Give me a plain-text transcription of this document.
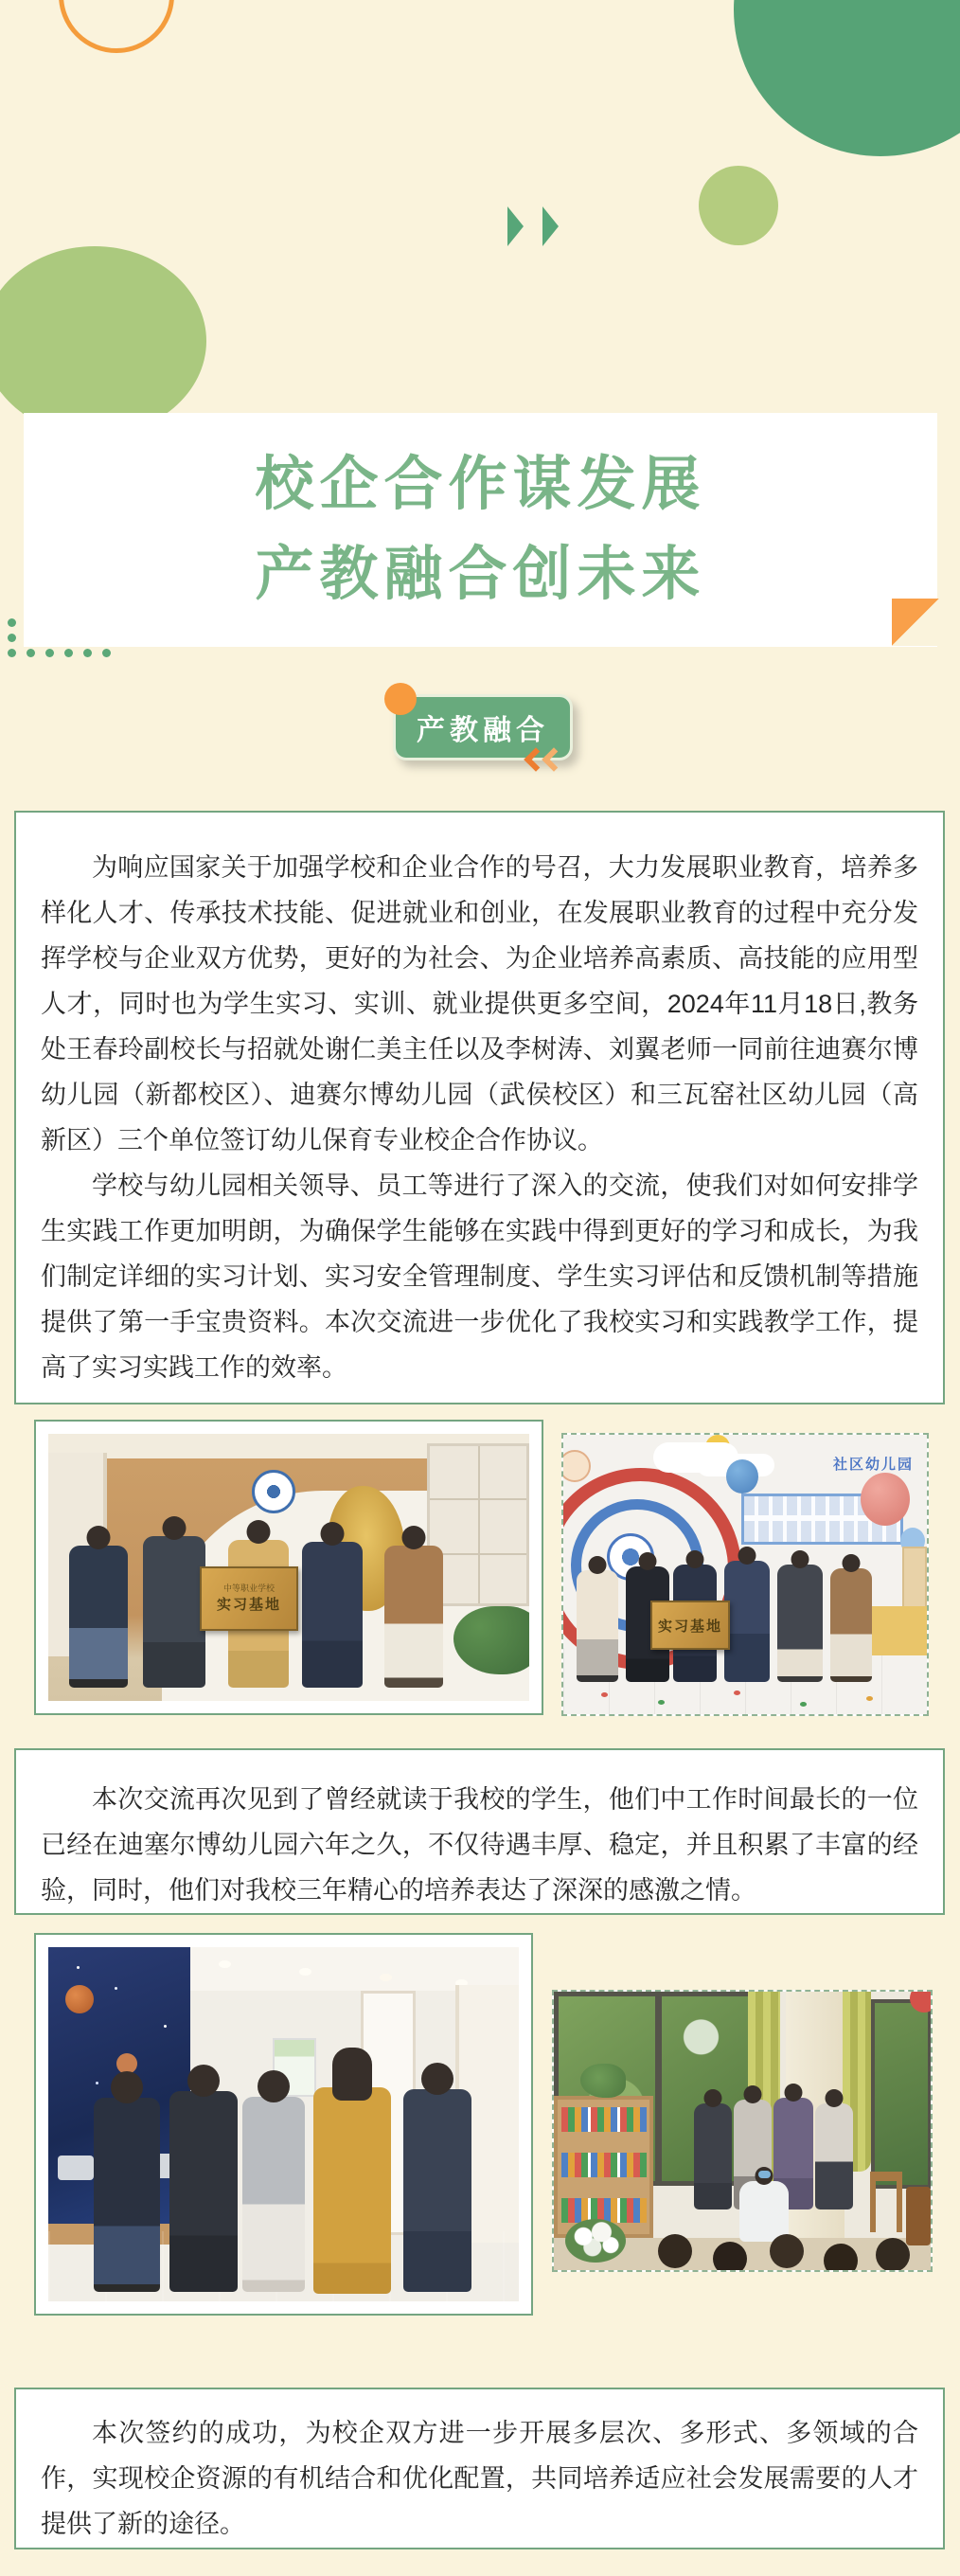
校企合作谋发展
产教融合创未来
产教融合

为响应国家关于加强学校和企业合作的号召，大力发展职业教育，培养多样化人才、传承技术技能、促进就业和创业，在发展职业教育的过程中充分发挥学校与企业双方优势，更好的为社会、为企业培养高素质、高技能的应用型人才，同时也为学生实习、实训、就业提供更多空间，2024年11月18日,教务处王春玲副校长与招就处谢仁美主任以及李树涛、刘翼老师一同前往迪赛尔博幼儿园（新都校区）、迪赛尔博幼儿园（武侯校区）和三瓦窑社区幼儿园（高新区）三个单位签订幼儿保育专业校企合作协议。

学校与幼儿园相关领导、员工等进行了深入的交流，使我们对如何安排学生实践工作更加明朗，为确保学生能够在实践中得到更好的学习和成长，为我们制定详细的实习计划、实习安全管理制度、学生实习评估和反馈机制等措施提供了第一手宝贵资料。本次交流进一步优化了我校实习和实践教学工作，提高了实习实践工作的效率。

中等职业学校
实习基地
社区幼儿园
实习基地

本次交流再次见到了曾经就读于我校的学生，他们中工作时间最长的一位已经在迪塞尔博幼儿园六年之久，不仅待遇丰厚、稳定，并且积累了丰富的经验，同时，他们对我校三年精心的培养表达了深深的感激之情。

本次签约的成功，为校企双方进一步开展多层次、多形式、多领域的合作，实现校企资源的有机结合和优化配置，共同培养适应社会发展需要的人才提供了新的途径。
